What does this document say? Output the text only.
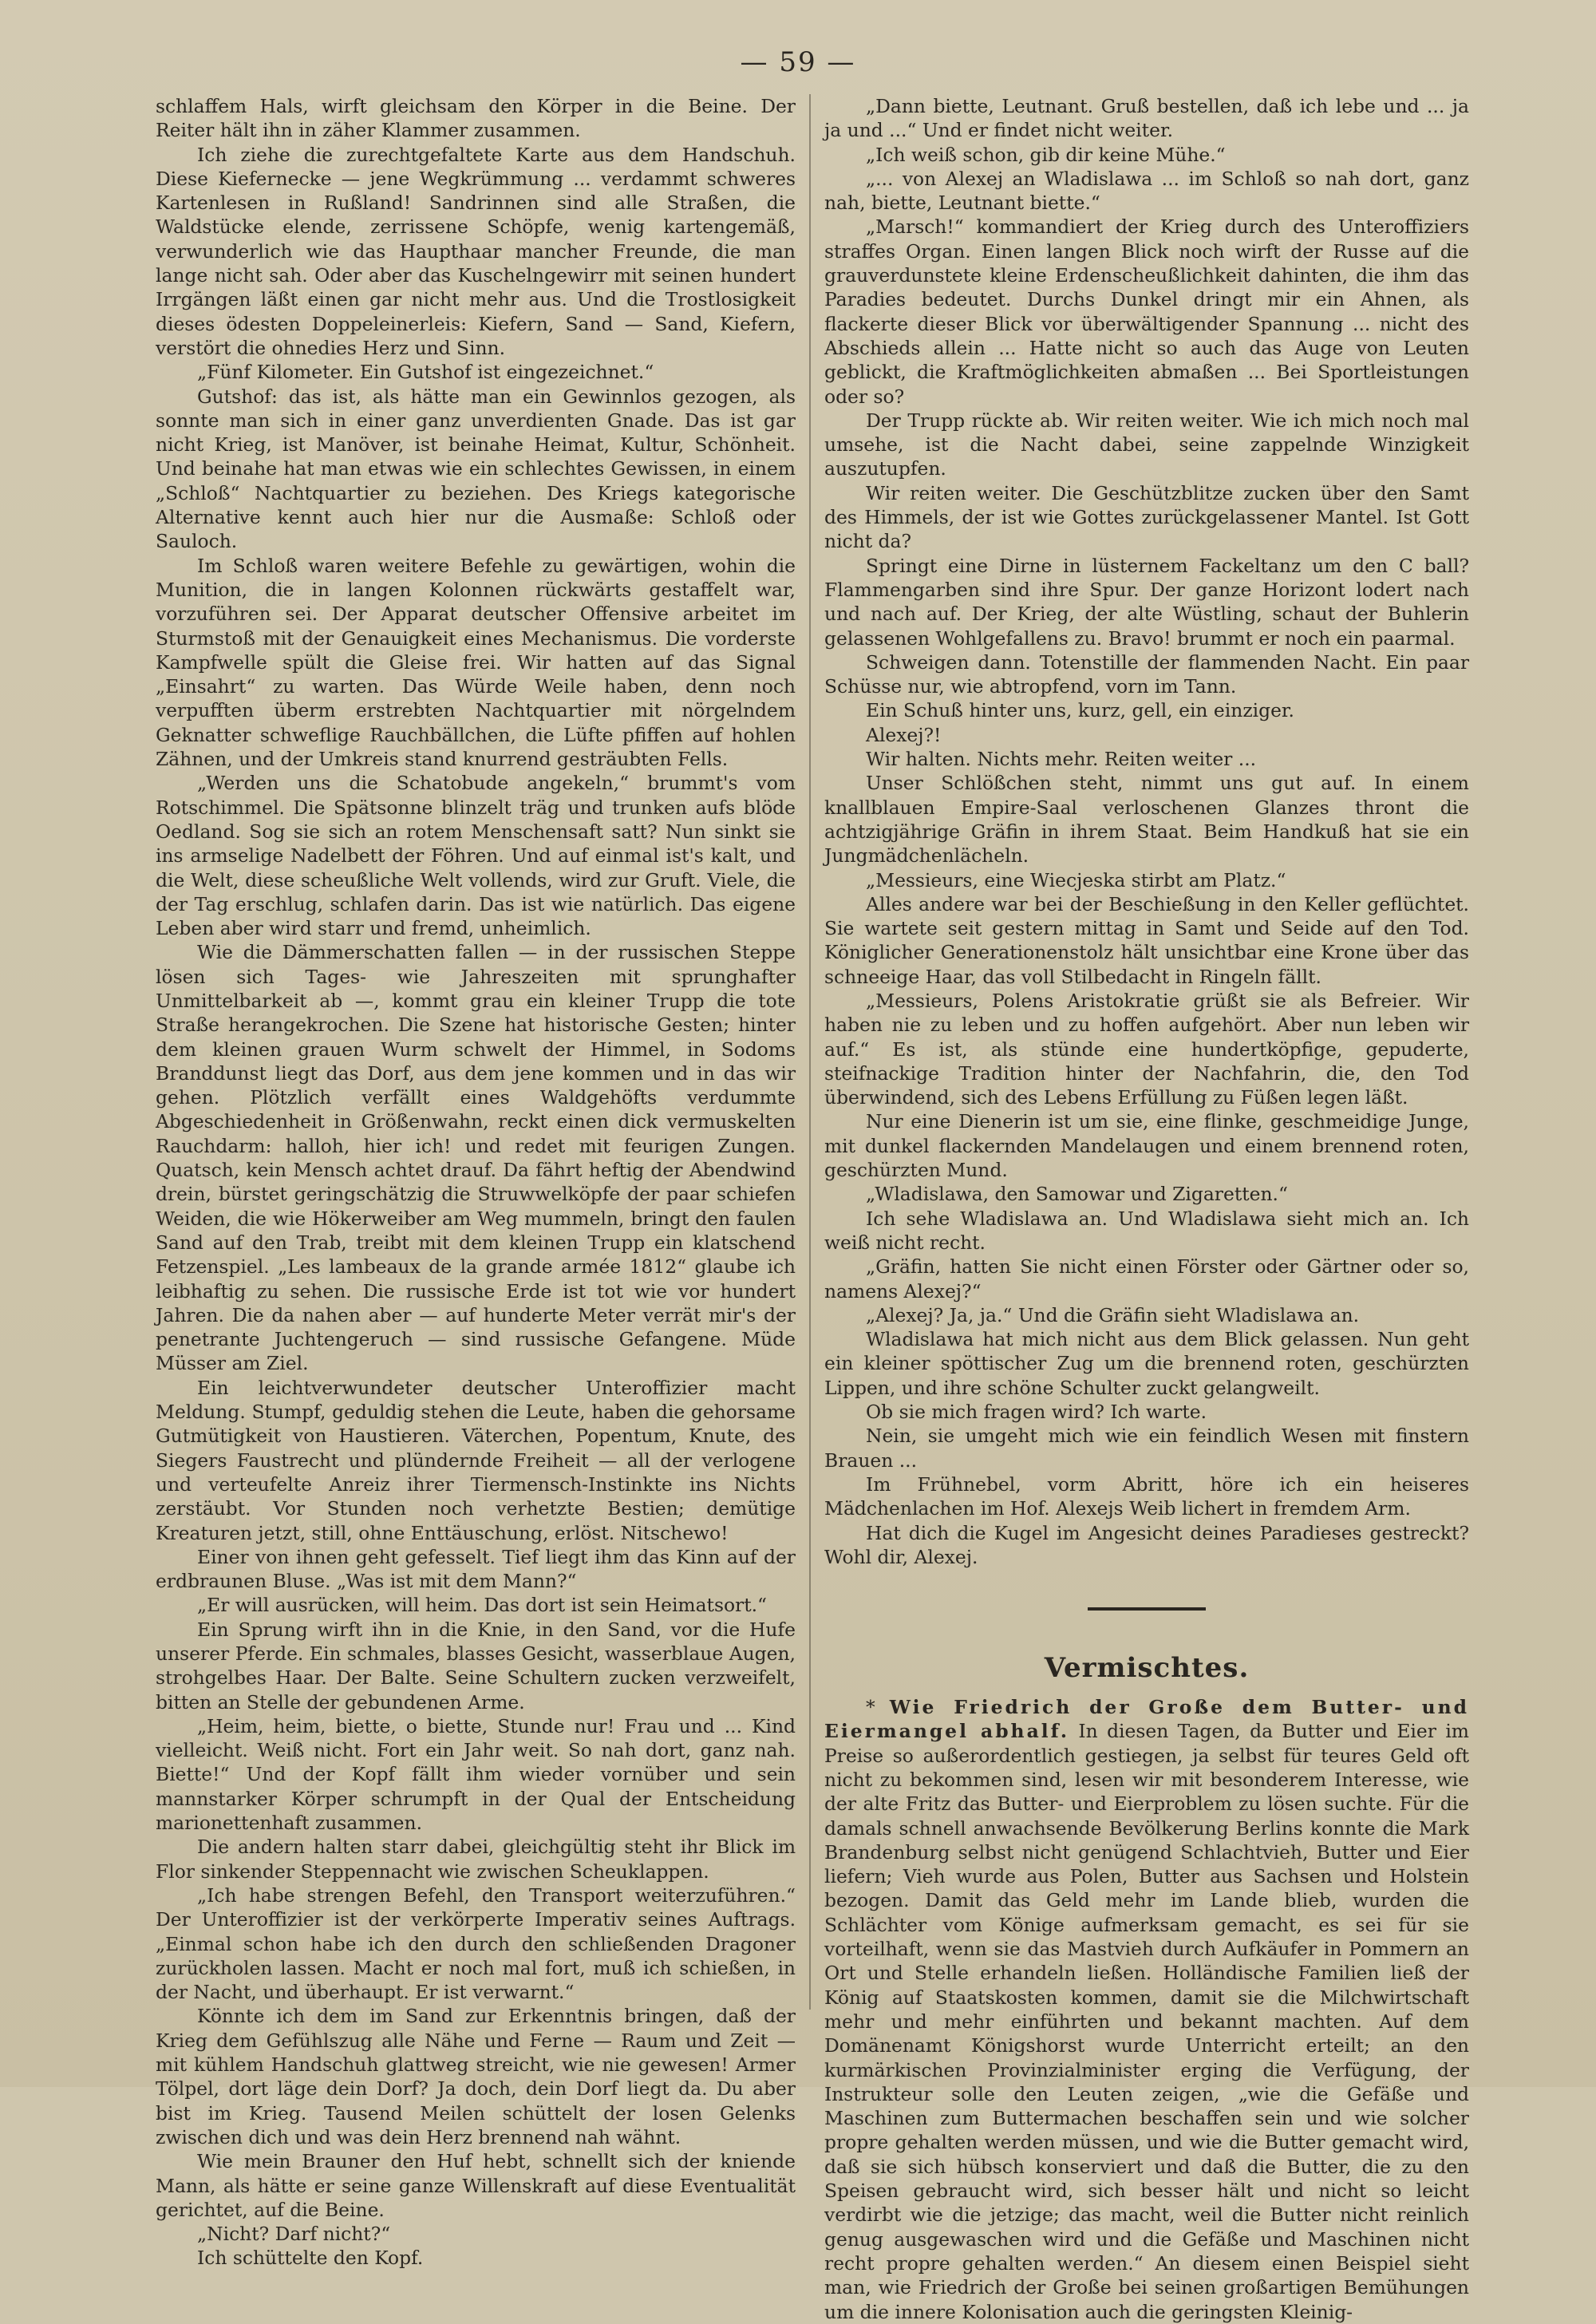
— 59 —

schlaffem Hals, wirft gleichsam den Körper in die Beine. Der Reiter hält ihn in zäher Klammer zusammen.

Ich ziehe die zurechtgefaltete Karte aus dem Handschuh. Diese Kiefernecke — jene Wegkrümmung ... verdammt schweres Kartenlesen in Rußland! Sandrinnen sind alle Straßen, die Waldstücke elende, zerrissene Schöpfe, wenig kartengemäß, verwunderlich wie das Haupthaar mancher Freunde, die man lange nicht sah. Oder aber das Kuschelngewirr mit seinen hundert Irrgängen läßt einen gar nicht mehr aus. Und die Trostlosigkeit dieses ödesten Doppeleinerleis: Kiefern, Sand — Sand, Kiefern, verstört die ohnedies Herz und Sinn.

„Fünf Kilometer. Ein Gutshof ist eingezeichnet.“

Gutshof: das ist, als hätte man ein Gewinnlos gezogen, als sonnte man sich in einer ganz unverdienten Gnade. Das ist gar nicht Krieg, ist Manöver, ist beinahe Heimat, Kultur, Schönheit. Und beinahe hat man etwas wie ein schlechtes Gewissen, in einem „Schloß“ Nachtquartier zu beziehen. Des Kriegs kategorische Alternative kennt auch hier nur die Ausmaße: Schloß oder Sauloch.

Im Schloß waren weitere Befehle zu gewärtigen, wohin die Munition, die in langen Kolonnen rückwärts gestaffelt war, vorzuführen sei. Der Apparat deutscher Offensive arbeitet im Sturmstoß mit der Genauigkeit eines Mechanismus. Die vorderste Kampfwelle spült die Gleise frei. Wir hatten auf das Signal „Einsahrt“ zu warten. Das Würde Weile haben, denn noch verpufften überm erstrebten Nachtquartier mit nörgelndem Geknatter schweflige Rauchbällchen, die Lüfte pfiffen auf hohlen Zähnen, und der Umkreis stand knurrend gesträubten Fells.

„Werden uns die Schatobude angekeln,“ brummt's vom Rotschimmel. Die Spätsonne blinzelt träg und trunken aufs blöde Oedland. Sog sie sich an rotem Menschensaft satt? Nun sinkt sie ins armselige Nadelbett der Föhren. Und auf einmal ist's kalt, und die Welt, diese scheußliche Welt vollends, wird zur Gruft. Viele, die der Tag erschlug, schlafen darin. Das ist wie natürlich. Das eigene Leben aber wird starr und fremd, unheimlich.

Wie die Dämmerschatten fallen — in der russischen Steppe lösen sich Tages- wie Jahreszeiten mit sprunghafter Unmittelbarkeit ab —, kommt grau ein kleiner Trupp die tote Straße herangekrochen. Die Szene hat historische Gesten; hinter dem kleinen grauen Wurm schwelt der Himmel, in Sodoms Branddunst liegt das Dorf, aus dem jene kommen und in das wir gehen. Plötzlich verfällt eines Waldgehöfts verdummte Abgeschiedenheit in Größenwahn, reckt einen dick vermuskelten Rauchdarm: halloh, hier ich! und redet mit feurigen Zungen. Quatsch, kein Mensch achtet drauf. Da fährt heftig der Abendwind drein, bürstet geringschätzig die Struwwelköpfe der paar schiefen Weiden, die wie Hökerweiber am Weg mummeln, bringt den faulen Sand auf den Trab, treibt mit dem kleinen Trupp ein klatschend Fetzenspiel. „Les lambeaux de la grande armée 1812“ glaube ich leibhaftig zu sehen. Die russische Erde ist tot wie vor hundert Jahren. Die da nahen aber — auf hunderte Meter verrät mir's der penetrante Juchtengeruch — sind russische Gefangene. Müde Müsser am Ziel.

Ein leichtverwundeter deutscher Unteroffizier macht Meldung. Stumpf, geduldig stehen die Leute, haben die gehorsame Gutmütigkeit von Haustieren. Väterchen, Popentum, Knute, des Siegers Faustrecht und plündernde Freiheit — all der verlogene und verteufelte Anreiz ihrer Tiermensch-Instinkte ins Nichts zerstäubt. Vor Stunden noch verhetzte Bestien; demütige Kreaturen jetzt, still, ohne Enttäuschung, erlöst. Nitschewo!

Einer von ihnen geht gefesselt. Tief liegt ihm das Kinn auf der erdbraunen Bluse. „Was ist mit dem Mann?“

„Er will ausrücken, will heim. Das dort ist sein Heimatsort.“

Ein Sprung wirft ihn in die Knie, in den Sand, vor die Hufe unserer Pferde. Ein schmales, blasses Gesicht, wasserblaue Augen, strohgelbes Haar. Der Balte. Seine Schultern zucken verzweifelt, bitten an Stelle der gebundenen Arme.

„Heim, heim, biette, o biette, Stunde nur! Frau und ... Kind vielleicht. Weiß nicht. Fort ein Jahr weit. So nah dort, ganz nah. Biette!“ Und der Kopf fällt ihm wieder vornüber und sein mannstarker Körper schrumpft in der Qual der Entscheidung marionettenhaft zusammen.

Die andern halten starr dabei, gleichgültig steht ihr Blick im Flor sinkender Steppennacht wie zwischen Scheuklappen.

„Ich habe strengen Befehl, den Transport weiterzuführen.“ Der Unteroffizier ist der verkörperte Imperativ seines Auftrags. „Einmal schon habe ich den durch den schließenden Dragoner zurückholen lassen. Macht er noch mal fort, muß ich schießen, in der Nacht, und überhaupt. Er ist verwarnt.“

Könnte ich dem im Sand zur Erkenntnis bringen, daß der Krieg dem Gefühlszug alle Nähe und Ferne — Raum und Zeit — mit kühlem Handschuh glattweg streicht, wie nie gewesen! Armer Tölpel, dort läge dein Dorf? Ja doch, dein Dorf liegt da. Du aber bist im Krieg. Tausend Meilen schüttelt der losen Gelenks zwischen dich und was dein Herz brennend nah wähnt.

Wie mein Brauner den Huf hebt, schnellt sich der kniende Mann, als hätte er seine ganze Willenskraft auf diese Eventualität gerichtet, auf die Beine.

„Nicht? Darf nicht?“

Ich schüttelte den Kopf.

„Dann biette, Leutnant. Gruß bestellen, daß ich lebe und ... ja ja und ...“ Und er findet nicht weiter.

„Ich weiß schon, gib dir keine Mühe.“

„... von Alexej an Wladislawa ... im Schloß so nah dort, ganz nah, biette, Leutnant biette.“

„Marsch!“ kommandiert der Krieg durch des Unteroffiziers straffes Organ. Einen langen Blick noch wirft der Russe auf die grauverdunstete kleine Erdenscheußlichkeit dahinten, die ihm das Paradies bedeutet. Durchs Dunkel dringt mir ein Ahnen, als flackerte dieser Blick vor überwältigender Spannung ... nicht des Abschieds allein ... Hatte nicht so auch das Auge von Leuten geblickt, die Kraftmöglichkeiten abmaßen ... Bei Sportleistungen oder so?

Der Trupp rückte ab. Wir reiten weiter. Wie ich mich noch mal umsehe, ist die Nacht dabei, seine zappelnde Winzigkeit auszutupfen.

Wir reiten weiter. Die Geschützblitze zucken über den Samt des Himmels, der ist wie Gottes zurückgelassener Mantel. Ist Gott nicht da?

Springt eine Dirne in lüsternem Fackeltanz um den C ball? Flammengarben sind ihre Spur. Der ganze Horizont lodert nach und nach auf. Der Krieg, der alte Wüstling, schaut der Buhlerin gelassenen Wohlgefallens zu. Bravo! brummt er noch ein paarmal.

Schweigen dann. Totenstille der flammenden Nacht. Ein paar Schüsse nur, wie abtropfend, vorn im Tann.

Ein Schuß hinter uns, kurz, gell, ein einziger.

Alexej?!

Wir halten. Nichts mehr. Reiten weiter ...

Unser Schlößchen steht, nimmt uns gut auf. In einem knallblauen Empire-Saal verloschenen Glanzes thront die achtzigjährige Gräfin in ihrem Staat. Beim Handkuß hat sie ein Jungmädchenlächeln.

„Messieurs, eine Wiecjeska stirbt am Platz.“

Alles andere war bei der Beschießung in den Keller geflüchtet. Sie wartete seit gestern mittag in Samt und Seide auf den Tod. Königlicher Generationenstolz hält unsichtbar eine Krone über das schneeige Haar, das voll Stilbedacht in Ringeln fällt.

„Messieurs, Polens Aristokratie grüßt sie als Befreier. Wir haben nie zu leben und zu hoffen aufgehört. Aber nun leben wir auf.“ Es ist, als stünde eine hundertköpfige, gepuderte, steifnackige Tradition hinter der Nachfahrin, die, den Tod überwindend, sich des Lebens Erfüllung zu Füßen legen läßt.

Nur eine Dienerin ist um sie, eine flinke, geschmeidige Junge, mit dunkel flackernden Mandelaugen und einem brennend roten, geschürzten Mund.

„Wladislawa, den Samowar und Zigaretten.“

Ich sehe Wladislawa an. Und Wladislawa sieht mich an. Ich weiß nicht recht.

„Gräfin, hatten Sie nicht einen Förster oder Gärtner oder so, namens Alexej?“

„Alexej? Ja, ja.“ Und die Gräfin sieht Wladislawa an.

Wladislawa hat mich nicht aus dem Blick gelassen. Nun geht ein kleiner spöttischer Zug um die brennend roten, geschürzten Lippen, und ihre schöne Schulter zuckt gelangweilt.

Ob sie mich fragen wird? Ich warte.

Nein, sie umgeht mich wie ein feindlich Wesen mit finstern Brauen ...

Im Frühnebel, vorm Abritt, höre ich ein heiseres Mädchenlachen im Hof. Alexejs Weib lichert in fremdem Arm.

Hat dich die Kugel im Angesicht deines Paradieses gestreckt? Wohl dir, Alexej.

Vermischtes.

* Wie Friedrich der Große dem Butter- und Eiermangel abhalf. In diesen Tagen, da Butter und Eier im Preise so außerordentlich gestiegen, ja selbst für teures Geld oft nicht zu bekommen sind, lesen wir mit besonderem Interesse, wie der alte Fritz das Butter- und Eierproblem zu lösen suchte. Für die damals schnell anwachsende Bevölkerung Berlins konnte die Mark Brandenburg selbst nicht genügend Schlachtvieh, Butter und Eier liefern; Vieh wurde aus Polen, Butter aus Sachsen und Holstein bezogen. Damit das Geld mehr im Lande blieb, wurden die Schlächter vom Könige aufmerksam gemacht, es sei für sie vorteilhaft, wenn sie das Mastvieh durch Aufkäufer in Pommern an Ort und Stelle erhandeln ließen. Holländische Familien ließ der König auf Staatskosten kommen, damit sie die Milchwirtschaft mehr und mehr einführten und bekannt machten. Auf dem Domänenamt Königshorst wurde Unterricht erteilt; an den kurmärkischen Provinzialminister erging die Verfügung, der Instrukteur solle den Leuten zeigen, „wie die Gefäße und Maschinen zum Buttermachen beschaffen sein und wie solcher propre gehalten werden müssen, und wie die Butter gemacht wird, daß sie sich hübsch konserviert und daß die Butter, die zu den Speisen gebraucht wird, sich besser hält und nicht so leicht verdirbt wie die jetzige; das macht, weil die Butter nicht reinlich genug ausgewaschen wird und die Gefäße und Maschinen nicht recht propre gehalten werden.“ An diesem einen Beispiel sieht man, wie Friedrich der Große bei seinen großartigen Bemühungen um die innere Kolonisation auch die geringsten Kleinig-
